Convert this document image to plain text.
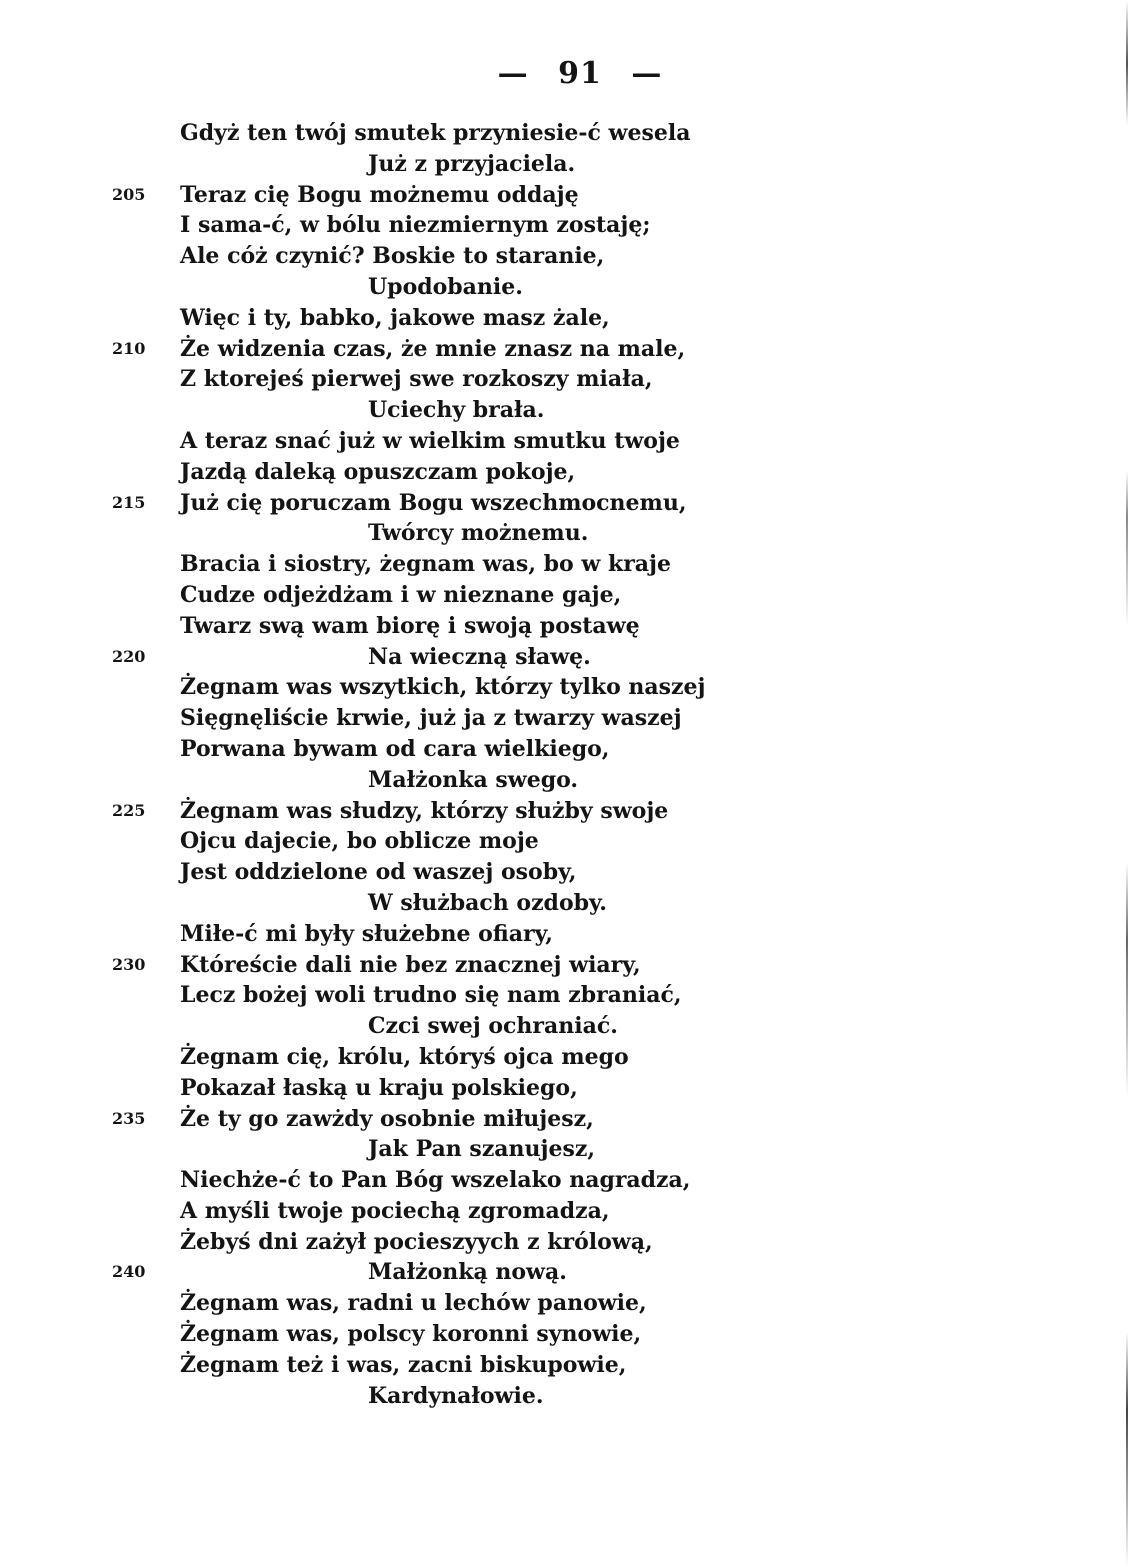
— 91 —
Gdyż ten twój smutek przyniesie-ć wesela
Już z przyjaciela.
205 Teraz cię Bogu możnemu oddaję
I sama-ć, w bólu niezmiernym zostaję;
Ale cóż czynić? Boskie to staranie,
Upodobanie.
Więc i ty, babko, jakowe masz żale,
210 Że widzenia czas, że mnie znasz na male,
Z ktorejeś pierwej swe rozkoszy miała,
Uciechy brała.
A teraz snać już w wielkim smutku twoje
Jazdą daleką opuszczam pokoje,
215 Już cię poruczam Bogu wszechmocnemu,
Twórcy możnemu.
Bracia i siostry, żegnam was, bo w kraje
Cudze odjeżdżam i w nieznane gaje,
Twarz swą wam biorę i swoją postawę
220	Na wieczną sławę.
Żegnam was wszytkich, którzy tylko naszej
Sięgnęliście krwie, już ja z twarzy waszej
Porwana bywam od cara wielkiego,
Małżonka swego.
225 Żegnam was słudzy, którzy służby swoje
Ojcu dajecie, bo oblicze moje
Jest oddzielone od waszej osoby,
W służbach ozdoby.
Miłe-ć mi były służebne ofiary,
230 Któreście dali nie bez znacznej wiary,
Lecz bożej woli trudno się nam zbraniać,
Czci swej ochraniać.
Żegnam cię, królu, któryś ojca mego
Pokazał łaską u kraju polskiego,
235 Że ty go zawżdy osobnie miłujesz,
Jak Pan szanujesz,
Niechże-ć to Pan Bóg wszelako nagradza,
A myśli twoje pociechą zgromadza,
Żebyś dni zażył pocieszyych z królową,
240	Małżonką nową.
Żegnam was, radni u lechów panowie,
Żegnam was, polscy koronni synowie,
Żegnam też i was, zacni biskupowie,
Kardynałowie.
